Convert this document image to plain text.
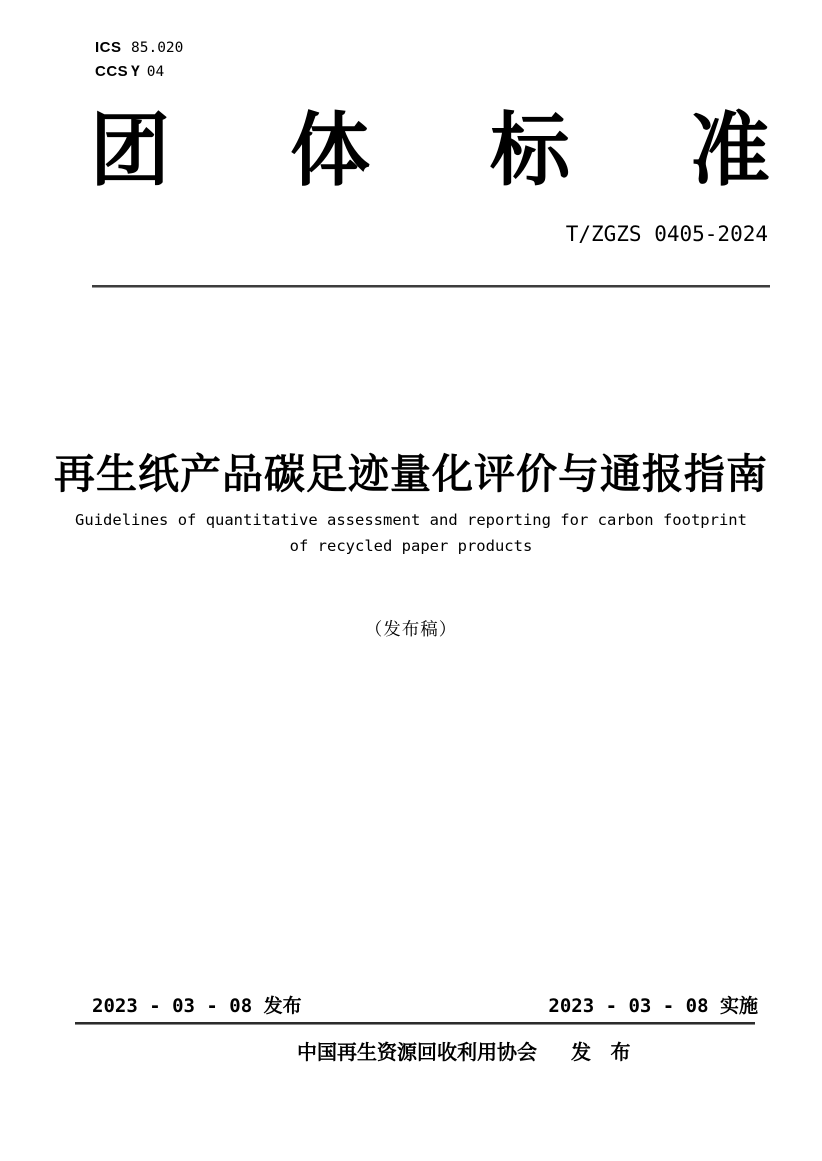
ICS 85.020
CCS Y 04
团 体 标 准
T/ZGZS 0405-2024
再生纸产品碳足迹量化评价与通报指南
Guidelines of quantitative assessment and reporting for carbon footprint
of recycled paper products
（发布稿）
2023 - 03 - 08 发布	2023 - 03 - 08 实施
中国再生资源回收利用协会 发 布
